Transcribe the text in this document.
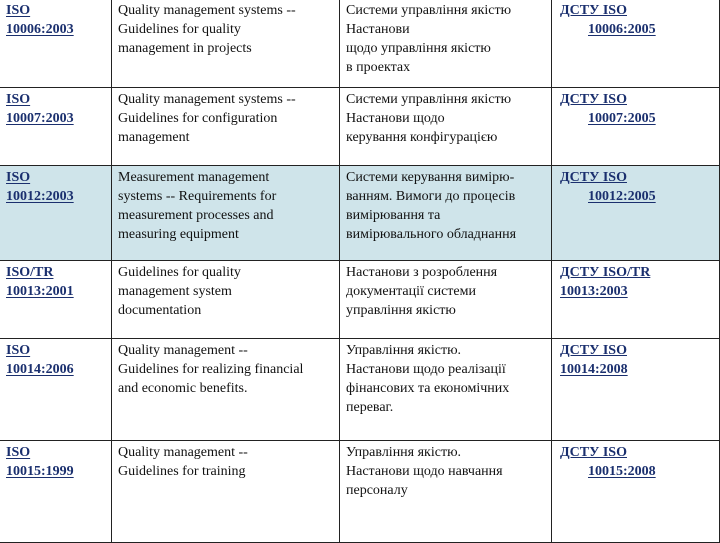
ISO
10006:2003	Quality management systems --
Guidelines for quality
management in projects	Системи управління якістю
Настанови
щодо управління якістю
в проектах	ДСТУ ISO
10006:2005

ISO
10007:2003	Quality management systems --
Guidelines for configuration
management	Системи управління якістю
Настанови щодо
керування конфігурацією	ДСТУ ISO
10007:2005

ISO
10012:2003	Measurement management
systems -- Requirements for
measurement processes and
measuring equipment	Системи керування вимірю-
ванням. Вимоги до процесів
вимірювання та
вимірювального обладнання	ДСТУ ISO
10012:2005

ISO/TR
10013:2001	Guidelines for quality
management system
documentation	Настанови з розроблення
документації системи
управління якістю	ДСТУ ISO/TR
10013:2003

ISO
10014:2006	Quality management --
Guidelines for realizing financial
and economic benefits.	Управління якістю.
Настанови щодо реалізації
фінансових та економічних
переваг.	ДСТУ ISO
10014:2008

ISO
10015:1999	Quality management --
Guidelines for training	Управління якістю.
Настанови щодо навчання
персоналу	ДСТУ ISO
10015:2008
